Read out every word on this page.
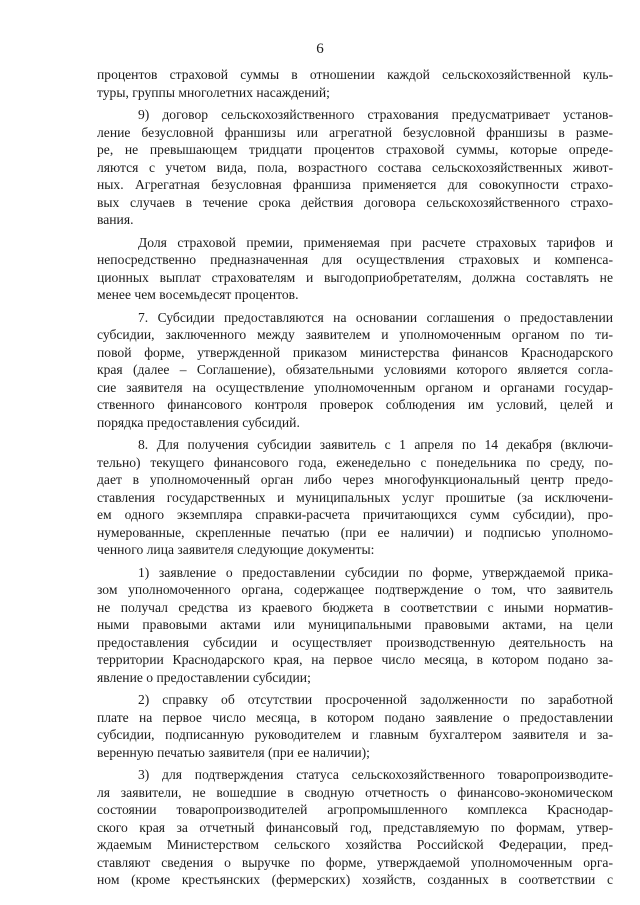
6
процентов страховой суммы в отношении каждой сельскохозяйственной куль-
туры, группы многолетних насаждений;
9) договор сельскохозяйственного страхования предусматривает установ-
ление безусловной франшизы или агрегатной безусловной франшизы в разме-
ре, не превышающем тридцати процентов страховой суммы, которые опреде-
ляются с учетом вида, пола, возрастного состава сельскохозяйственных живот-
ных. Агрегатная безусловная франшиза применяется для совокупности страхо-
вых случаев в течение срока действия договора сельскохозяйственного страхо-
вания.
Доля страховой премии, применяемая при расчете страховых тарифов и
непосредственно предназначенная для осуществления страховых и компенса-
ционных выплат страхователям и выгодоприобретателям, должна составлять не
менее чем восемьдесят процентов.
7. Субсидии предоставляются на основании соглашения о предоставлении
субсидии, заключенного между заявителем и уполномоченным органом по ти-
повой форме, утвержденной приказом министерства финансов Краснодарского
края (далее – Соглашение), обязательными условиями которого является согла-
сие заявителя на осуществление уполномоченным органом и органами государ-
ственного финансового контроля проверок соблюдения им условий, целей и
порядка предоставления субсидий.
8. Для получения субсидии заявитель с 1 апреля по 14 декабря (включи-
тельно) текущего финансового года, еженедельно с понедельника по среду, по-
дает в уполномоченный орган либо через многофункциональный центр предо-
ставления государственных и муниципальных услуг прошитые (за исключени-
ем одного экземпляра справки-расчета причитающихся сумм субсидии), про-
нумерованные, скрепленные печатью (при ее наличии) и подписью уполномо-
ченного лица заявителя следующие документы:
1) заявление о предоставлении субсидии по форме, утверждаемой прика-
зом уполномоченного органа, содержащее подтверждение о том, что заявитель
не получал средства из краевого бюджета в соответствии с иными норматив-
ными правовыми актами или муниципальными правовыми актами, на цели
предоставления субсидии и осуществляет производственную деятельность на
территории Краснодарского края, на первое число месяца, в котором подано за-
явление о предоставлении субсидии;
2) справку об отсутствии просроченной задолженности по заработной
плате на первое число месяца, в котором подано заявление о предоставлении
субсидии, подписанную руководителем и главным бухгалтером заявителя и за-
веренную печатью заявителя (при ее наличии);
3) для подтверждения статуса сельскохозяйственного товаропроизводите-
ля заявители, не вошедшие в сводную отчетность о финансово-экономическом
состоянии товаропроизводителей агропромышленного комплекса Краснодар-
ского края за отчетный финансовый год, представляемую по формам, утвер-
ждаемым Министерством сельского хозяйства Российской Федерации, пред-
ставляют сведения о выручке по форме, утверждаемой уполномоченным орга-
ном (кроме крестьянских (фермерских) хозяйств, созданных в соответствии с
